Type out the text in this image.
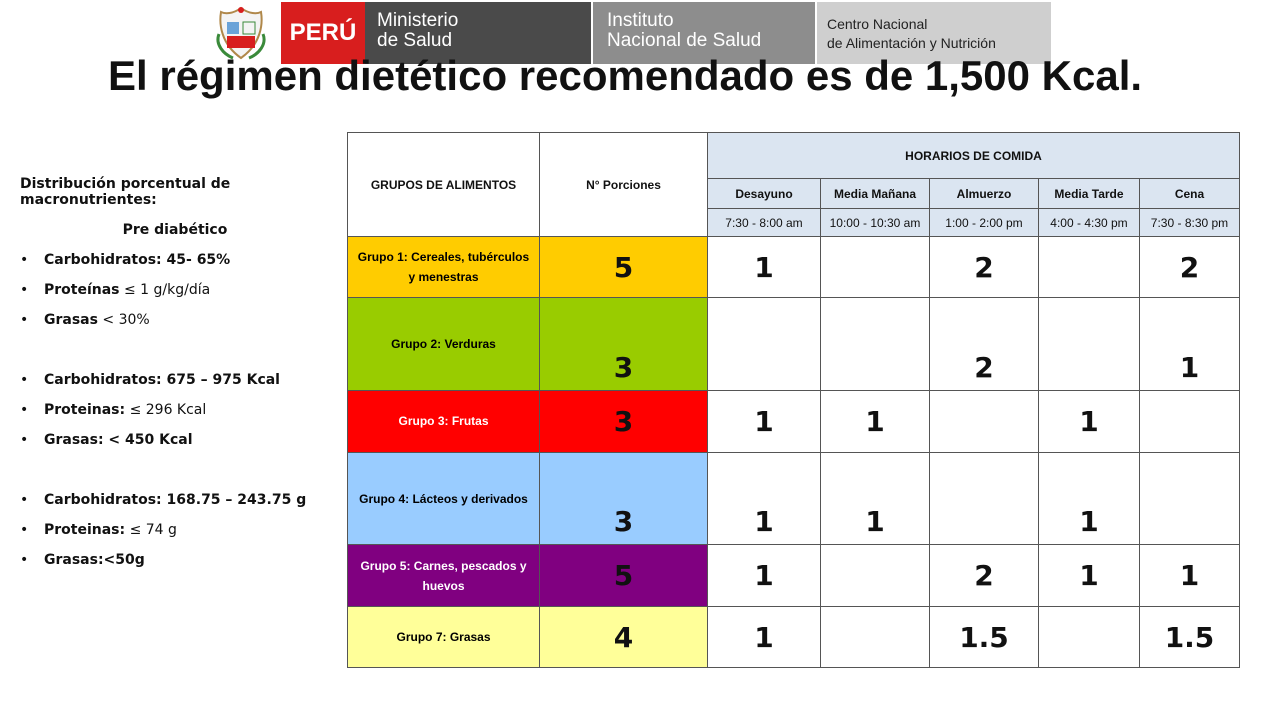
PERÚ Ministerio
de Salud
Instituto
Nacional de Salud
Centro Nacional
de Alimentación y Nutrición
El régimen dietético recomendado es de 1,500 Kcal.

Distribución porcentual de macronutrientes:

Pre diabético

• Carbohidratos: 45- 65%
• Proteínas ≤ 1 g/kg/día
• Grasas < 30%
• Carbohidratos: 675 – 975 Kcal
• Proteinas: ≤ 296 Kcal
• Grasas: < 450 Kcal
• Carbohidratos: 168.75 – 243.75 g
• Proteinas: ≤ 74 g
• Grasas:<50g
GRUPOS DE ALIMENTOS	N° Porciones	HORARIOS DE COMIDA				
		Desayuno	Media Mañana	Almuerzo	Media Tarde	Cena
		7:30 - 8:00 am	10:00 - 10:30 am	1:00 - 2:00 pm	4:00 - 4:30 pm	7:30 - 8:30 pm

Grupo 1: Cereales, tubérculos
y menestras	5	1		2		2

Grupo 2: Verduras	3			2		1

Grupo 3: Frutas	3	1	1		1	

Grupo 4: Lácteos y derivados	3	1	1		1	

Grupo 5: Carnes, pescados y
huevos	5	1		2	1	1

Grupo 7: Grasas	4	1		1.5		1.5
